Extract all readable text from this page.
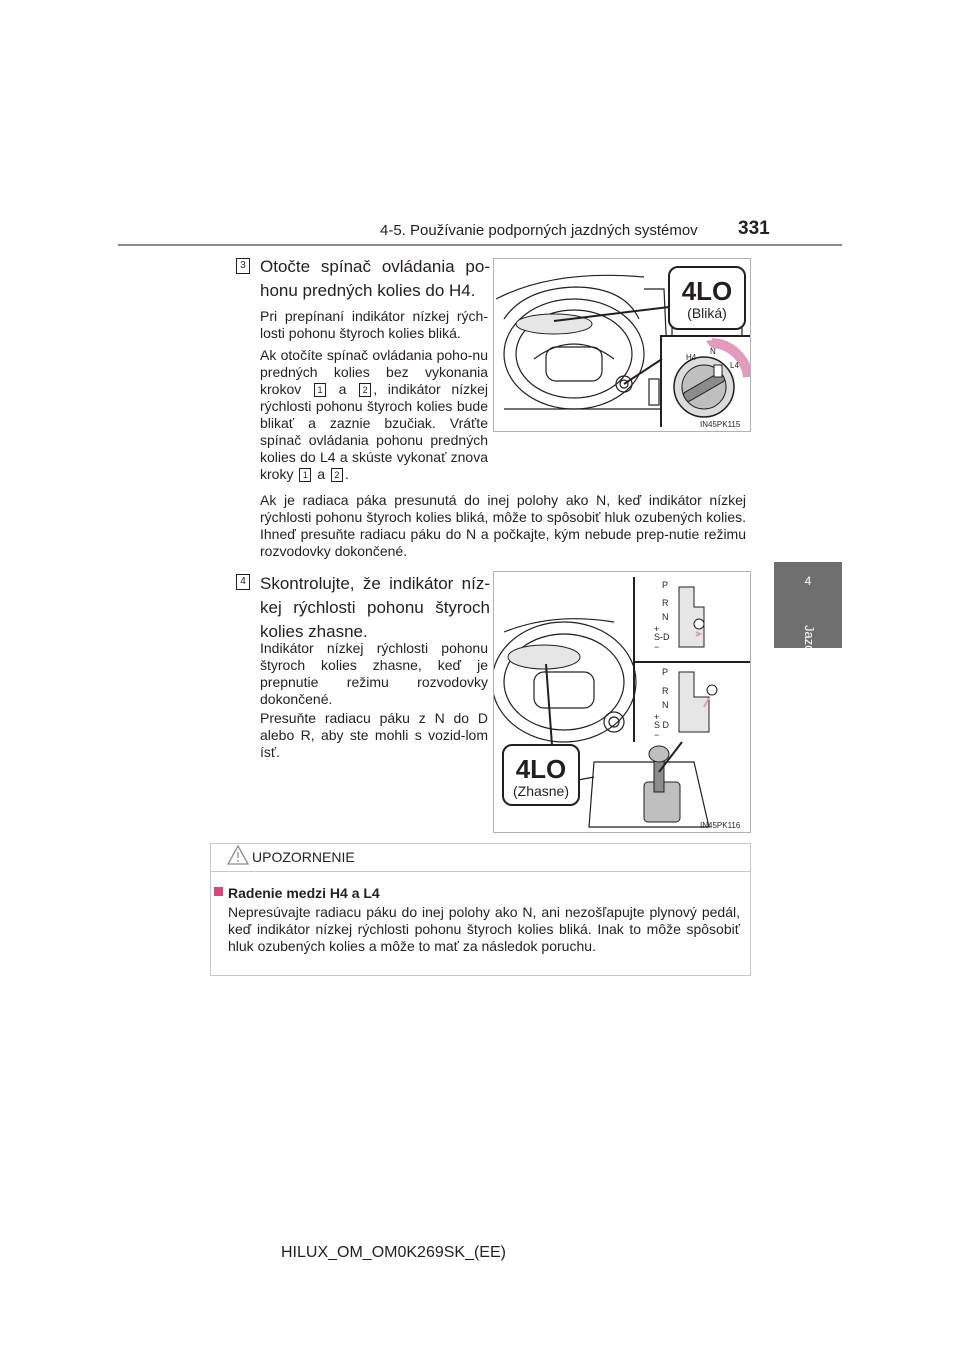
4-5. Používanie podporných jazdných systémov 331
4
Jazda
3 Otočte spínač ovládania po-honu predných kolies do H4.
Pri prepínaní indikátor nízkej rých-losti pohonu štyroch kolies bliká.
Ak otočíte spínač ovládania poho-nu predných kolies bez vykonania krokov 1 a 2 , indikátor nízkej rýchlosti pohonu štyroch kolies bude blikať a zaznie bzučiak. Vráťte spínač ovládania pohonu predných kolies do L4 a skúste vykonať znova kroky 1 a 2 .
H4
N
L4
4LO
(Bliká)
IN45PK115
Ak je radiaca páka presunutá do inej polohy ako N, keď indikátor nízkej rýchlosti pohonu štyroch kolies bliká, môže to spôsobiť hluk ozubených kolies. Ihneď presuňte radiacu páku do N a počkajte, kým nebude prep-nutie režimu rozvodovky dokončené.
4 Skontrolujte, že indikátor níz-kej rýchlosti pohonu štyroch kolies zhasne.
Indikátor nízkej rýchlosti pohonu štyroch kolies zhasne, keď je prepnutie režimu rozvodovky dokončené.
Presuňte radiacu páku z N do D alebo R, aby ste mohli s vozid-lom ísť.
P
R
N
+
S-D
−
P
R
N
+
S D
−
4LO
(Zhasne)
IN45PK116
UPOZORNENIE
Radenie medzi H4 a L4
Nepresúvajte radiacu páku do inej polohy ako N, ani nezošľapujte plynový pedál, keď indikátor nízkej rýchlosti pohonu štyroch kolies bliká. Inak to môže spôsobiť hluk ozubených kolies a môže to mať za následok poruchu.
HILUX_OM_OM0K269SK_(EE)
